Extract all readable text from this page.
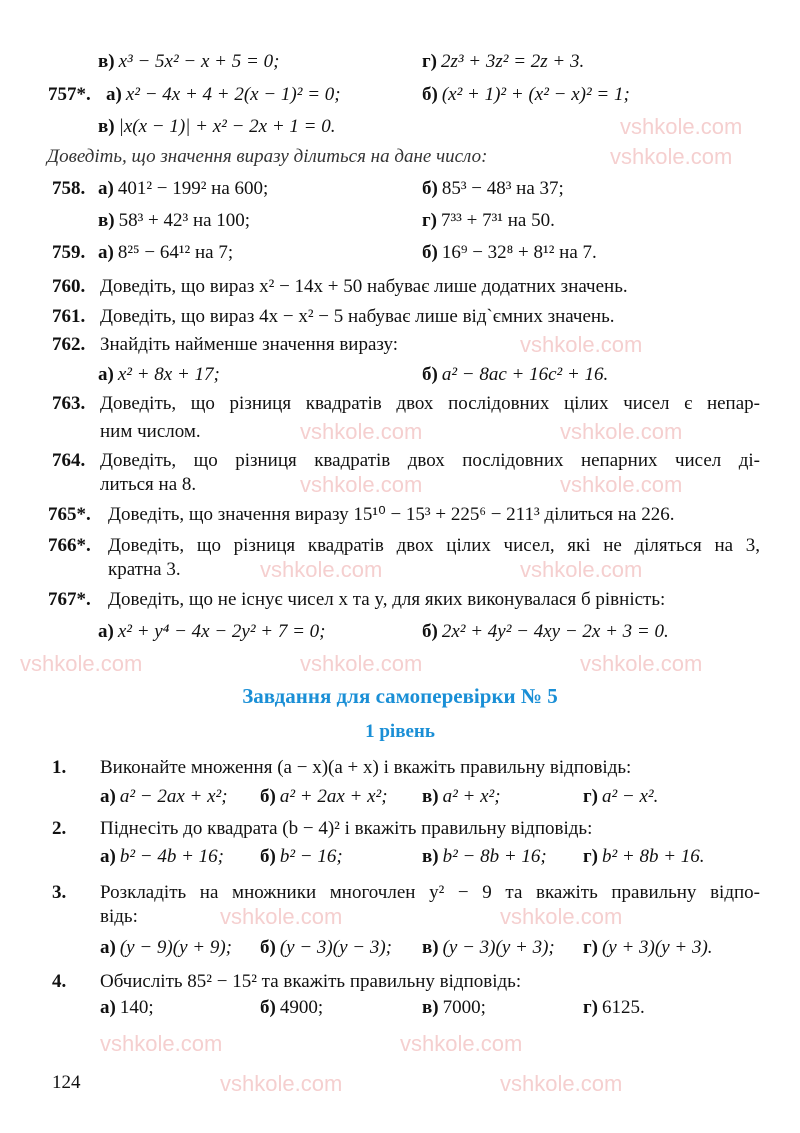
vshkole.com
vshkole.com
vshkole.com
vshkole.com	vshkole.com
vshkole.com	vshkole.com
vshkole.com	vshkole.com
vshkole.com	vshkole.com	vshkole.com
vshkole.com	vshkole.com
vshkole.com	vshkole.com
vshkole.com	vshkole.com
в) x³ − 5x² − x + 5 = 0;	г) 2z³ + 3z² = 2z + 3.
757*. а) x² − 4x + 4 + 2(x − 1)² = 0;	б) (x² + 1)² + (x² − x)² = 1;
в) |x(x − 1)| + x² − 2x + 1 = 0.
Доведіть, що значення виразу ділиться на дане число:
758. а) 401² − 199² на 600;	б) 85³ − 48³ на 37;
в) 58³ + 42³ на 100;	г) 7³³ + 7³¹ на 50.
759. а) 8²⁵ − 64¹² на 7;	б) 16⁹ − 32⁸ + 8¹² на 7.
760. Доведіть, що вираз x² − 14x + 50 набуває лише додатних значень.
761. Доведіть, що вираз 4x − x² − 5 набуває лише від`ємних значень.
762. Знайдіть найменше значення виразу:
а) x² + 8x + 17;	б) a² − 8ac + 16c² + 16.
763. Доведіть, що різниця квадратів двох послідовних цілих чисел є непар-
ним числом.
764. Доведіть, що різниця квадратів двох послідовних непарних чисел ді-
литься на 8.
765*. Доведіть, що значення виразу 15¹⁰ − 15³ + 225⁶ − 211³ ділиться на 226.
766*. Доведіть, що різниця квадратів двох цілих чисел, які не діляться на 3,
кратна 3.
767*. Доведіть, що не існує чисел x та y, для яких виконувалася б рівність:
а) x² + y⁴ − 4x − 2y² + 7 = 0;	б) 2x² + 4y² − 4xy − 2x + 3 = 0.
Завдання для самоперевірки № 5
1 рівень
1. Виконайте множення (a − x)(a + x) і вкажіть правильну відповідь:
а) a² − 2ax + x²; б) a² + 2ax + x²; в) a² + x²;	г) a² − x².
2. Піднесіть до квадрата (b − 4)² і вкажіть правильну відповідь:
а) b² − 4b + 16; б) b² − 16;	в) b² − 8b + 16; г) b² + 8b + 16.
3. Розкладіть на множники многочлен y² − 9 та вкажіть правильну відпо-
відь:
а) (y − 9)(y + 9); б) (y − 3)(y − 3); в) (y − 3)(y + 3); г) (y + 3)(y + 3).
4. Обчисліть 85² − 15² та вкажіть правильну відповідь:
а) 140;	б) 4900;	в) 7000;	г) 6125.
124
